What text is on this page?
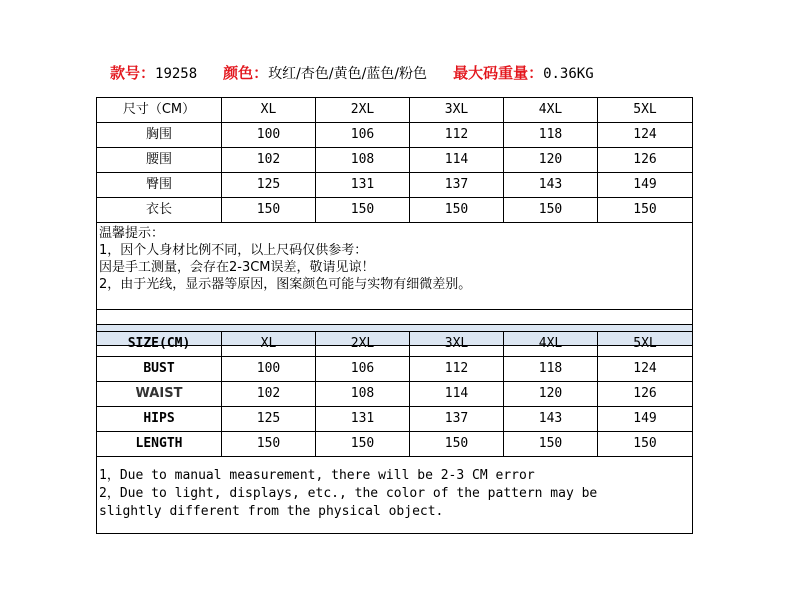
款号：19258 颜色：玫红/杏色/黄色/蓝色/粉色 最大码重量：0.36KG
尺寸（CM）	XL	2XL	3XL	4XL	5XL
胸围	100	106	112	118	124
腰围	102	108	114	120	126
臀围	125	131	137	143	149
衣长	150	150	150	150	150

温馨提示：
1，因个人身材比例不同，以上尺码仅供参考：
因是手工测量，会存在2-3CM误差，敬请见谅！
2，由于光线，显示器等原因，图案颜色可能与实物有细微差别。					

SIZE(CM)	XL	2XL	3XL	4XL	5XL
BUST	100	106	112	118	124
WAIST	102	108	114	120	126
HIPS	125	131	137	143	149
LENGTH	150	150	150	150	150

1，Due to manual measurement, there will be 2-3 CM error
2，Due to light, displays, etc., the color of the pattern may be
slightly different from the physical object.					
